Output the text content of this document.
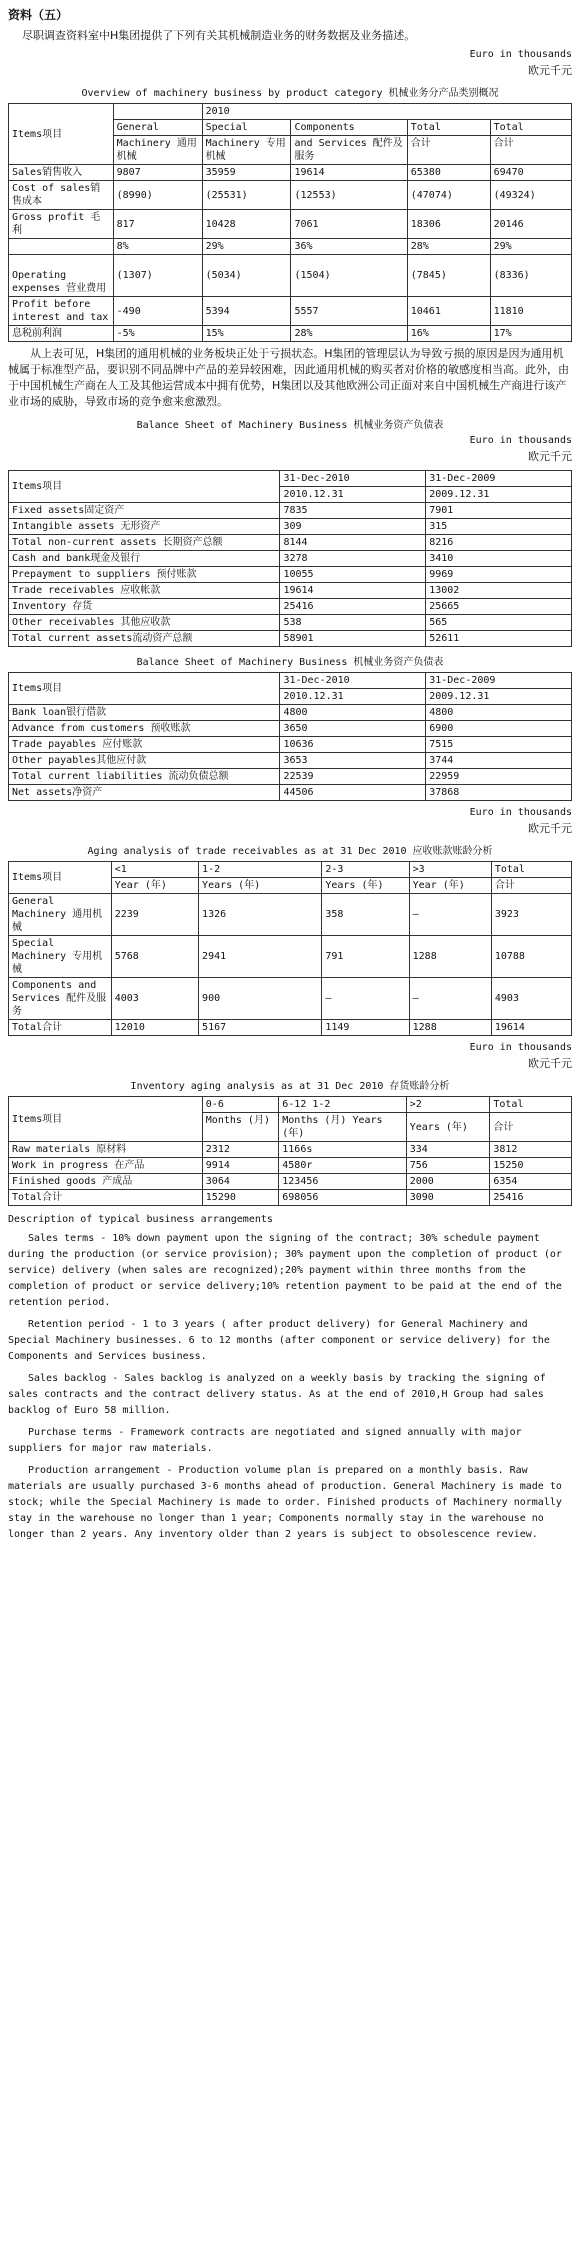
资料（五）
尽职调查资料室中H集团提供了下列有关其机械制造业务的财务数据及业务描述。
Euro in thousands
欧元千元
Overview of machinery business by product category 机械业务分产品类别概况
Items项目		2010			
	General	Special	Components	Total	Total
	Machinery 通用机械	Machinery 专用机械	and Services 配件及服务	合计	合计
Sales销售收入	9807	35959	19614	65380	69470
Cost of sales销售成本	(8990)	(25531)	(12553)	(47074)	(49324)
Gross profit 毛利	817	10428	7061	18306	20146
	8%	29%	36%	28%	29%
Operating expenses 营业费用	(1307)	(5034)	(1504)	(7845)	(8336)
Profit before interest and tax	-490	5394	5557	10461	11810
息税前利润	-5%	15%	28%	16%	17%
从上表可见，H集团的通用机械的业务板块正处于亏损状态。H集团的管理层认为导致亏损的原因是因为通用机械属于标准型产品，要识别不同品牌中产品的差异较困难，因此通用机械的购买者对价格的敏感度相当高。此外，由于中国机械生产商在人工及其他运营成本中拥有优势，H集团以及其他欧洲公司正面对来自中国机械生产商进行该产业市场的威胁，导致市场的竞争愈来愈激烈。
Balance Sheet of Machinery Business 机械业务资产负债表
Euro in thousands
欧元千元
Items项目	31-Dec-2010	31-Dec-2009
	2010.12.31	2009.12.31
Fixed assets固定资产	7835	7901
Intangible assets 无形资产	309	315
Total non-current assets 长期资产总额	8144	8216
Cash and bank现金及银行	3278	3410
Prepayment to suppliers 预付账款	10055	9969
Trade receivables 应收帐款	19614	13002
Inventory 存货	25416	25665
Other receivables 其他应收款	538	565
Total current assets流动资产总额	58901	52611
Balance Sheet of Machinery Business 机械业务资产负债表
Items项目	31-Dec-2010	31-Dec-2009
	2010.12.31	2009.12.31
Bank loan银行借款	4800	4800
Advance from customers 预收账款	3650	6900
Trade payables 应付账款	10636	7515
Other payables其他应付款	3653	3744
Total current liabilities 流动负债总额	22539	22959
Net assets净资产	44506	37868
Euro in thousands
欧元千元
Aging analysis of trade receivables as at 31 Dec 2010 应收账款账龄分析
Items项目	<1	1-2	2-3	>3	Total
	Year (年)	Years (年)	Years (年)	Year (年)	合计
General Machinery 通用机械	2239	1326	358	—	3923
Special Machinery 专用机械	5768	2941	791	1288	10788
Components and Services 配件及服务	4003	900	—	—	4903
Total合计	12010	5167	1149	1288	19614
Euro in thousands
欧元千元
Inventory aging analysis as at 31 Dec 2010 存货账龄分析
Items项目	0-6	6-12 1-2	>2	Total
	Months (月)	Months (月) Years (年)	Years (年)	合计
Raw materials 原材料	2312	1166s	334	3812
Work in progress 在产品	9914	4580r	756	15250
Finished goods 产成品	3064	123456	2000	6354
Total合计	15290	698056	3090	25416
Description of typical business arrangements
Sales terms - 10% down payment upon the signing of the contract; 30% schedule payment during the production (or service provision); 30% payment upon the completion of product (or service) delivery (when sales are recognized);20% payment within three months from the completion of product or service delivery;10% retention payment to be paid at the end of the retention period.
Retention period - 1 to 3 years ( after product delivery) for General Machinery and Special Machinery businesses. 6 to 12 months (after component or service delivery) for the Components and Services business.
Sales backlog - Sales backlog is analyzed on a weekly basis by tracking the signing of sales contracts and the contract delivery status. As at the end of 2010,H Group had sales backlog of Euro 58 million.
Purchase terms - Framework contracts are negotiated and signed annually with major suppliers for major raw materials.
Production arrangement - Production volume plan is prepared on a monthly basis. Raw materials are usually purchased 3-6 months ahead of production. General Machinery is made to stock; while the Special Machinery is made to order. Finished products of Machinery normally stay in the warehouse no longer than 1 year; Components normally stay in the warehouse no longer than 2 years. Any inventory older than 2 years is subject to obsolescence review.
